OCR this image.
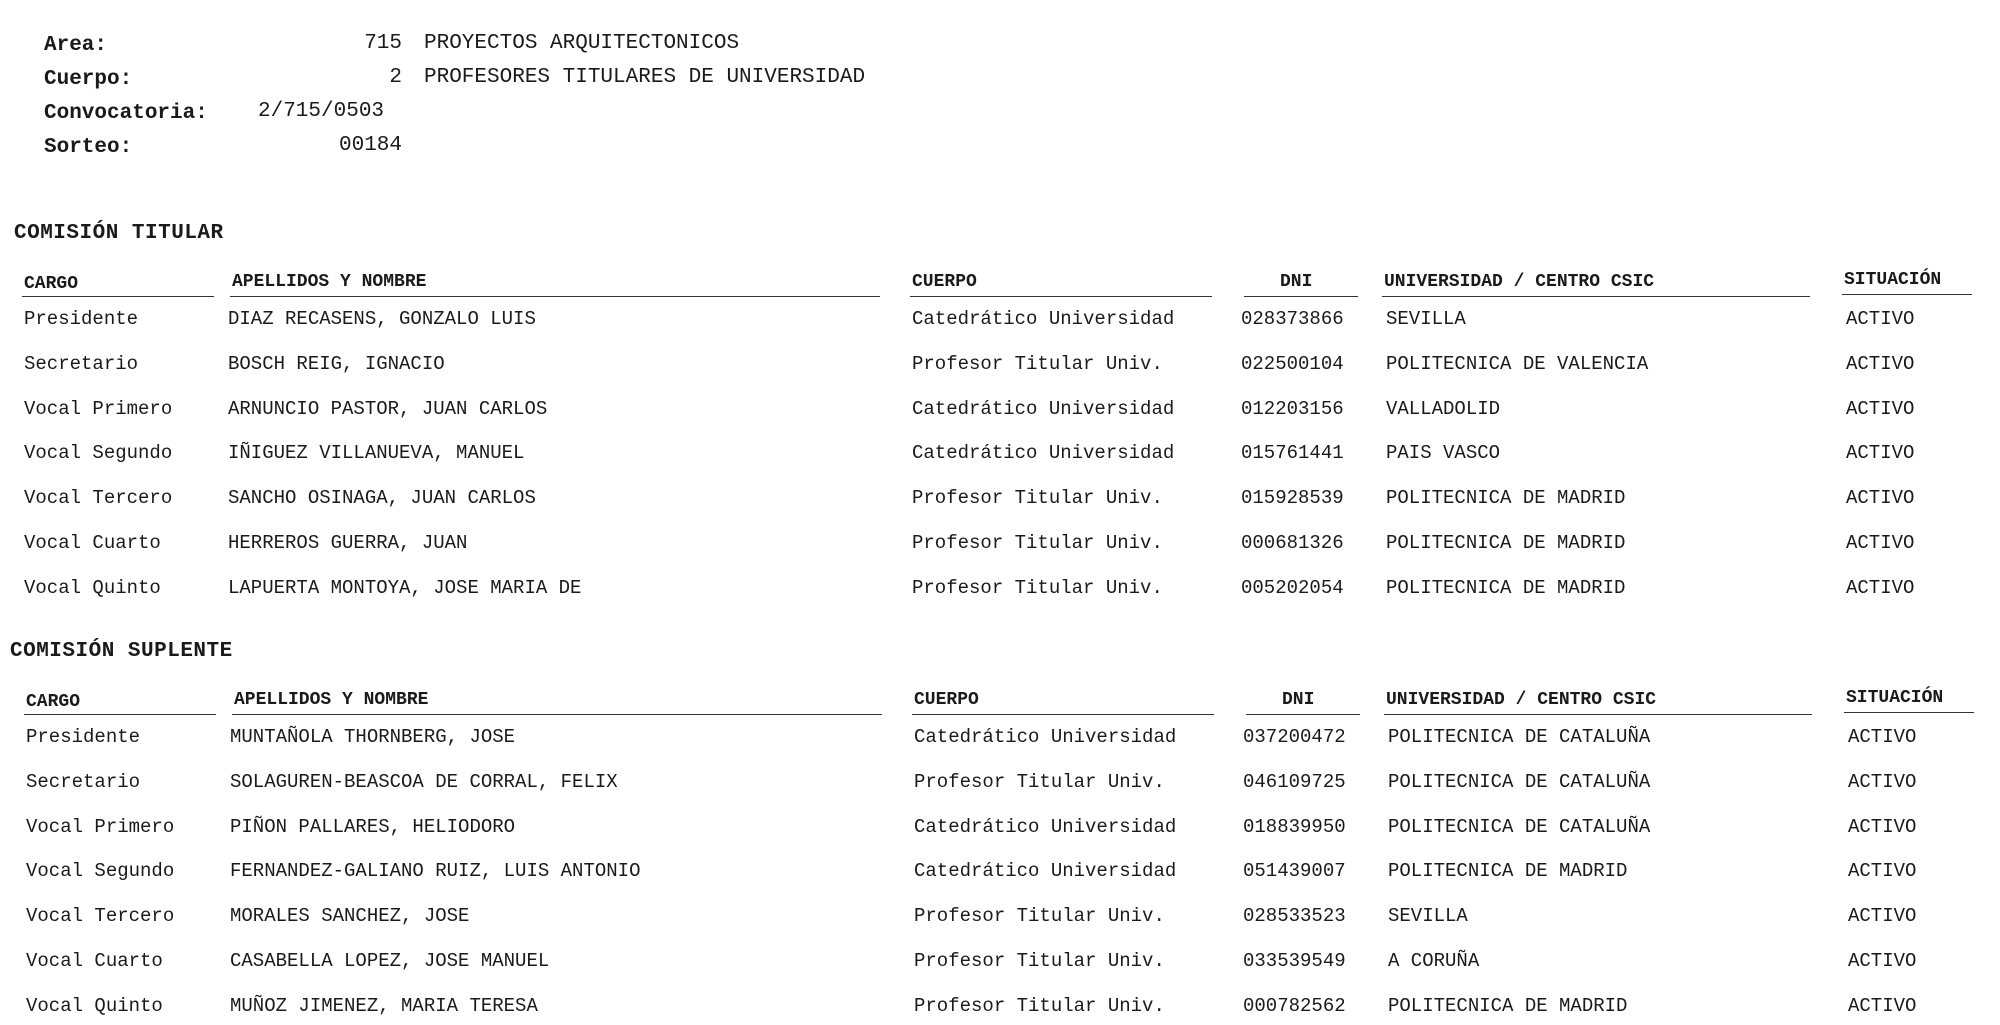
Area:	715 PROYECTOS ARQUITECTONICOS
Cuerpo:	2 PROFESORES TITULARES DE UNIVERSIDAD
Convocatoria: 2/715/0503
Sorteo:	00184
COMISIÓN TITULAR
CARGO	APELLIDOS Y NOMBRE	CUERPO	DNI	UNIVERSIDAD / CENTRO CSIC	SITUACIÓN
Presidente	DIAZ RECASENS, GONZALO LUIS	Catedrático Universidad	028373866 SEVILLA	ACTIVO
Secretario	BOSCH REIG, IGNACIO	Profesor Titular Univ.	022500104 POLITECNICA DE VALENCIA	ACTIVO
Vocal Primero	ARNUNCIO PASTOR, JUAN CARLOS	Catedrático Universidad	012203156 VALLADOLID	ACTIVO
Vocal Segundo	IÑIGUEZ VILLANUEVA, MANUEL	Catedrático Universidad	015761441 PAIS VASCO	ACTIVO
Vocal Tercero	SANCHO OSINAGA, JUAN CARLOS	Profesor Titular Univ.	015928539 POLITECNICA DE MADRID	ACTIVO
Vocal Cuarto	HERREROS GUERRA, JUAN	Profesor Titular Univ.	000681326 POLITECNICA DE MADRID	ACTIVO
Vocal Quinto	LAPUERTA MONTOYA, JOSE MARIA DE	Profesor Titular Univ.	005202054 POLITECNICA DE MADRID	ACTIVO
COMISIÓN SUPLENTE
CARGO	APELLIDOS Y NOMBRE	CUERPO	DNI	UNIVERSIDAD / CENTRO CSIC	SITUACIÓN
Presidente	MUNTAÑOLA THORNBERG, JOSE	Catedrático Universidad	037200472 POLITECNICA DE CATALUÑA	ACTIVO
Secretario	SOLAGUREN-BEASCOA DE CORRAL, FELIX	Profesor Titular Univ.	046109725 POLITECNICA DE CATALUÑA	ACTIVO
Vocal Primero	PIÑON PALLARES, HELIODORO	Catedrático Universidad	018839950 POLITECNICA DE CATALUÑA	ACTIVO
Vocal Segundo	FERNANDEZ-GALIANO RUIZ, LUIS ANTONIO	Catedrático Universidad	051439007 POLITECNICA DE MADRID	ACTIVO
Vocal Tercero	MORALES SANCHEZ, JOSE	Profesor Titular Univ.	028533523 SEVILLA	ACTIVO
Vocal Cuarto	CASABELLA LOPEZ, JOSE MANUEL	Profesor Titular Univ.	033539549 A CORUÑA	ACTIVO
Vocal Quinto	MUÑOZ JIMENEZ, MARIA TERESA	Profesor Titular Univ.	000782562 POLITECNICA DE MADRID	ACTIVO
